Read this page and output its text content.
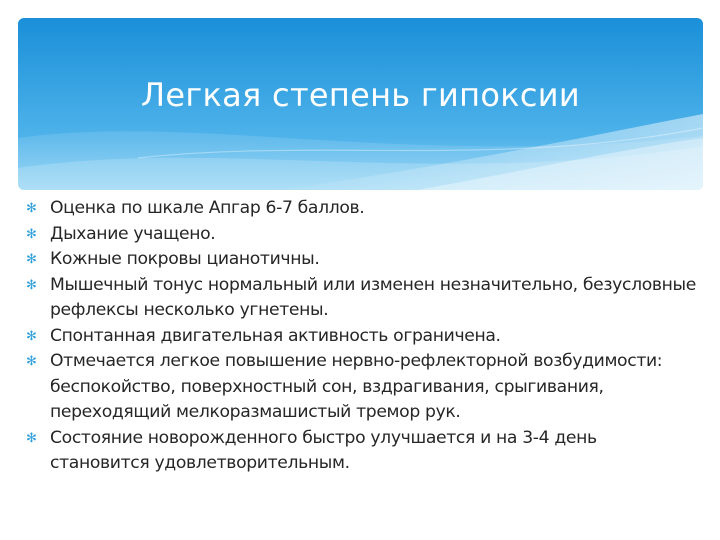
Легкая степень гипоксии
✻ Оценка по шкале Апгар 6-7 баллов.
✻ Дыхание учащено.
✻ Кожные покровы цианотичны.
✻ Мышечный тонус нормальный или изменен незначительно, безусловные рефлексы несколько угнетены.
✻ Спонтанная двигательная активность ограничена.
✻ Отмечается легкое повышение нервно-рефлекторной возбудимости: беспокойство, поверхностный сон, вздрагивания, срыгивания, переходящий мелкоразмашистый тремор рук.
✻ Состояние новорожденного быстро улучшается и на 3-4 день становится удовлетворительным.
